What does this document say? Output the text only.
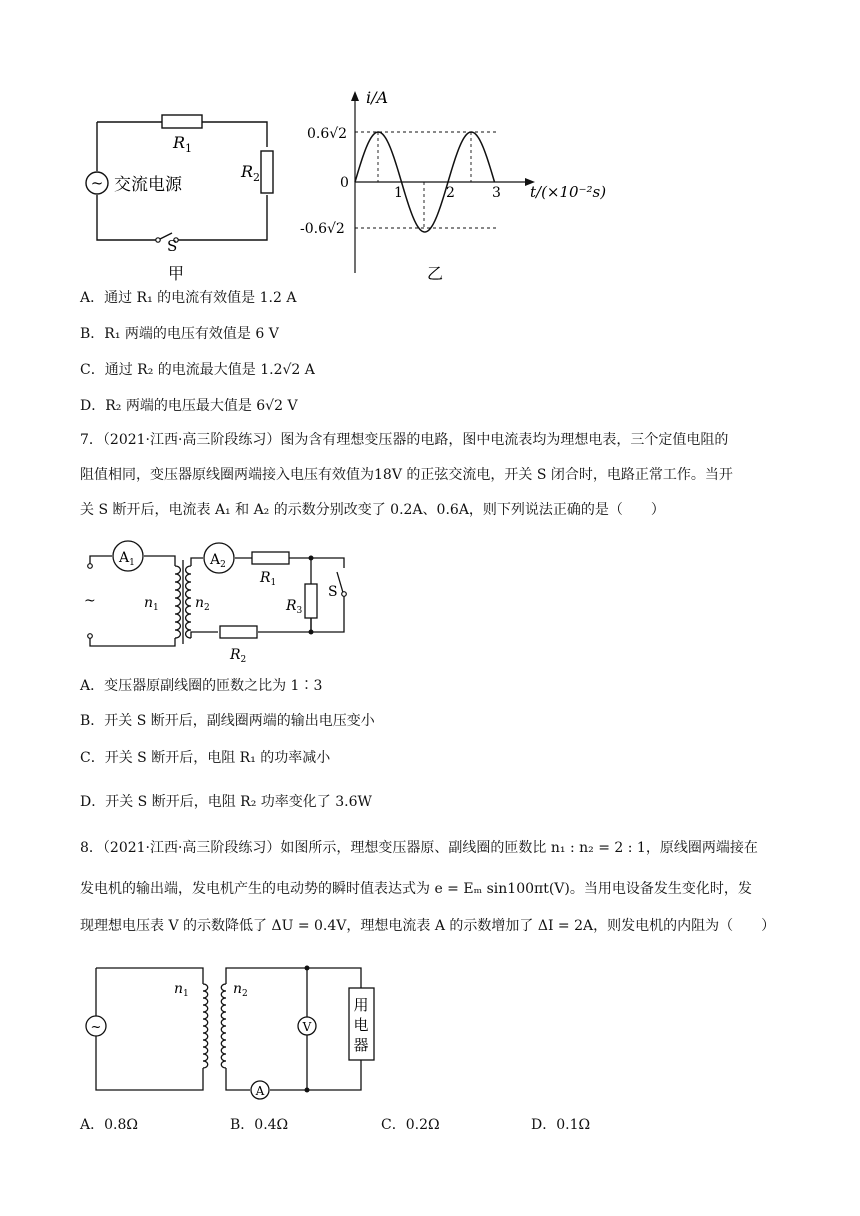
~ 交流电源
$R_1$
$R_2$
S
甲
i/A
0.6√2
-0.6√2
0
1	2	3 t/(×10⁻²s)
乙
A．通过 R₁ 的电流有效值是 1.2 A
B．R₁ 两端的电压有效值是 6 V
C．通过 R₂ 的电流最大值是 1.2√2 A
D．R₂ 两端的电压最大值是 6√2 V
7．（2021·江西·高三阶段练习）图为含有理想变压器的电路，图中电流表均为理想电表，三个定值电阻的
阻值相同，变压器原线圈两端接入电压有效值为18V 的正弦交流电，开关 S 闭合时，电路正常工作。当开
关 S 断开后，电流表 A₁ 和 A₂ 的示数分别改变了 0.2A、0.6A，则下列说法正确的是（　　）
~
$A_1$	$A_2$
$n_1$	$n_2$
$R_1$
$R_3$
$R_2$
S
A．变压器原副线圈的匝数之比为 1∶3
B．开关 S 断开后，副线圈两端的输出电压变小
C．开关 S 断开后，电阻 R₁ 的功率减小
D．开关 S 断开后，电阻 R₂ 功率变化了 3.6W
8．（2021·江西·高三阶段练习）如图所示，理想变压器原、副线圈的匝数比 n₁ : n₂ = 2 : 1，原线圈两端接在
发电机的输出端，发电机产生的电动势的瞬时值表达式为 e = Eₘ sin100πt(V)。当用电设备发生变化时，发
现理想电压表 V 的示数降低了 ΔU = 0.4V，理想电流表 A 的示数增加了 ΔI = 2A，则发电机的内阻为（　　）
~
$n_1$	$n_2$
V
A
用
电
器
A．0.8Ω	B．0.4Ω	C．0.2Ω	D．0.1Ω
